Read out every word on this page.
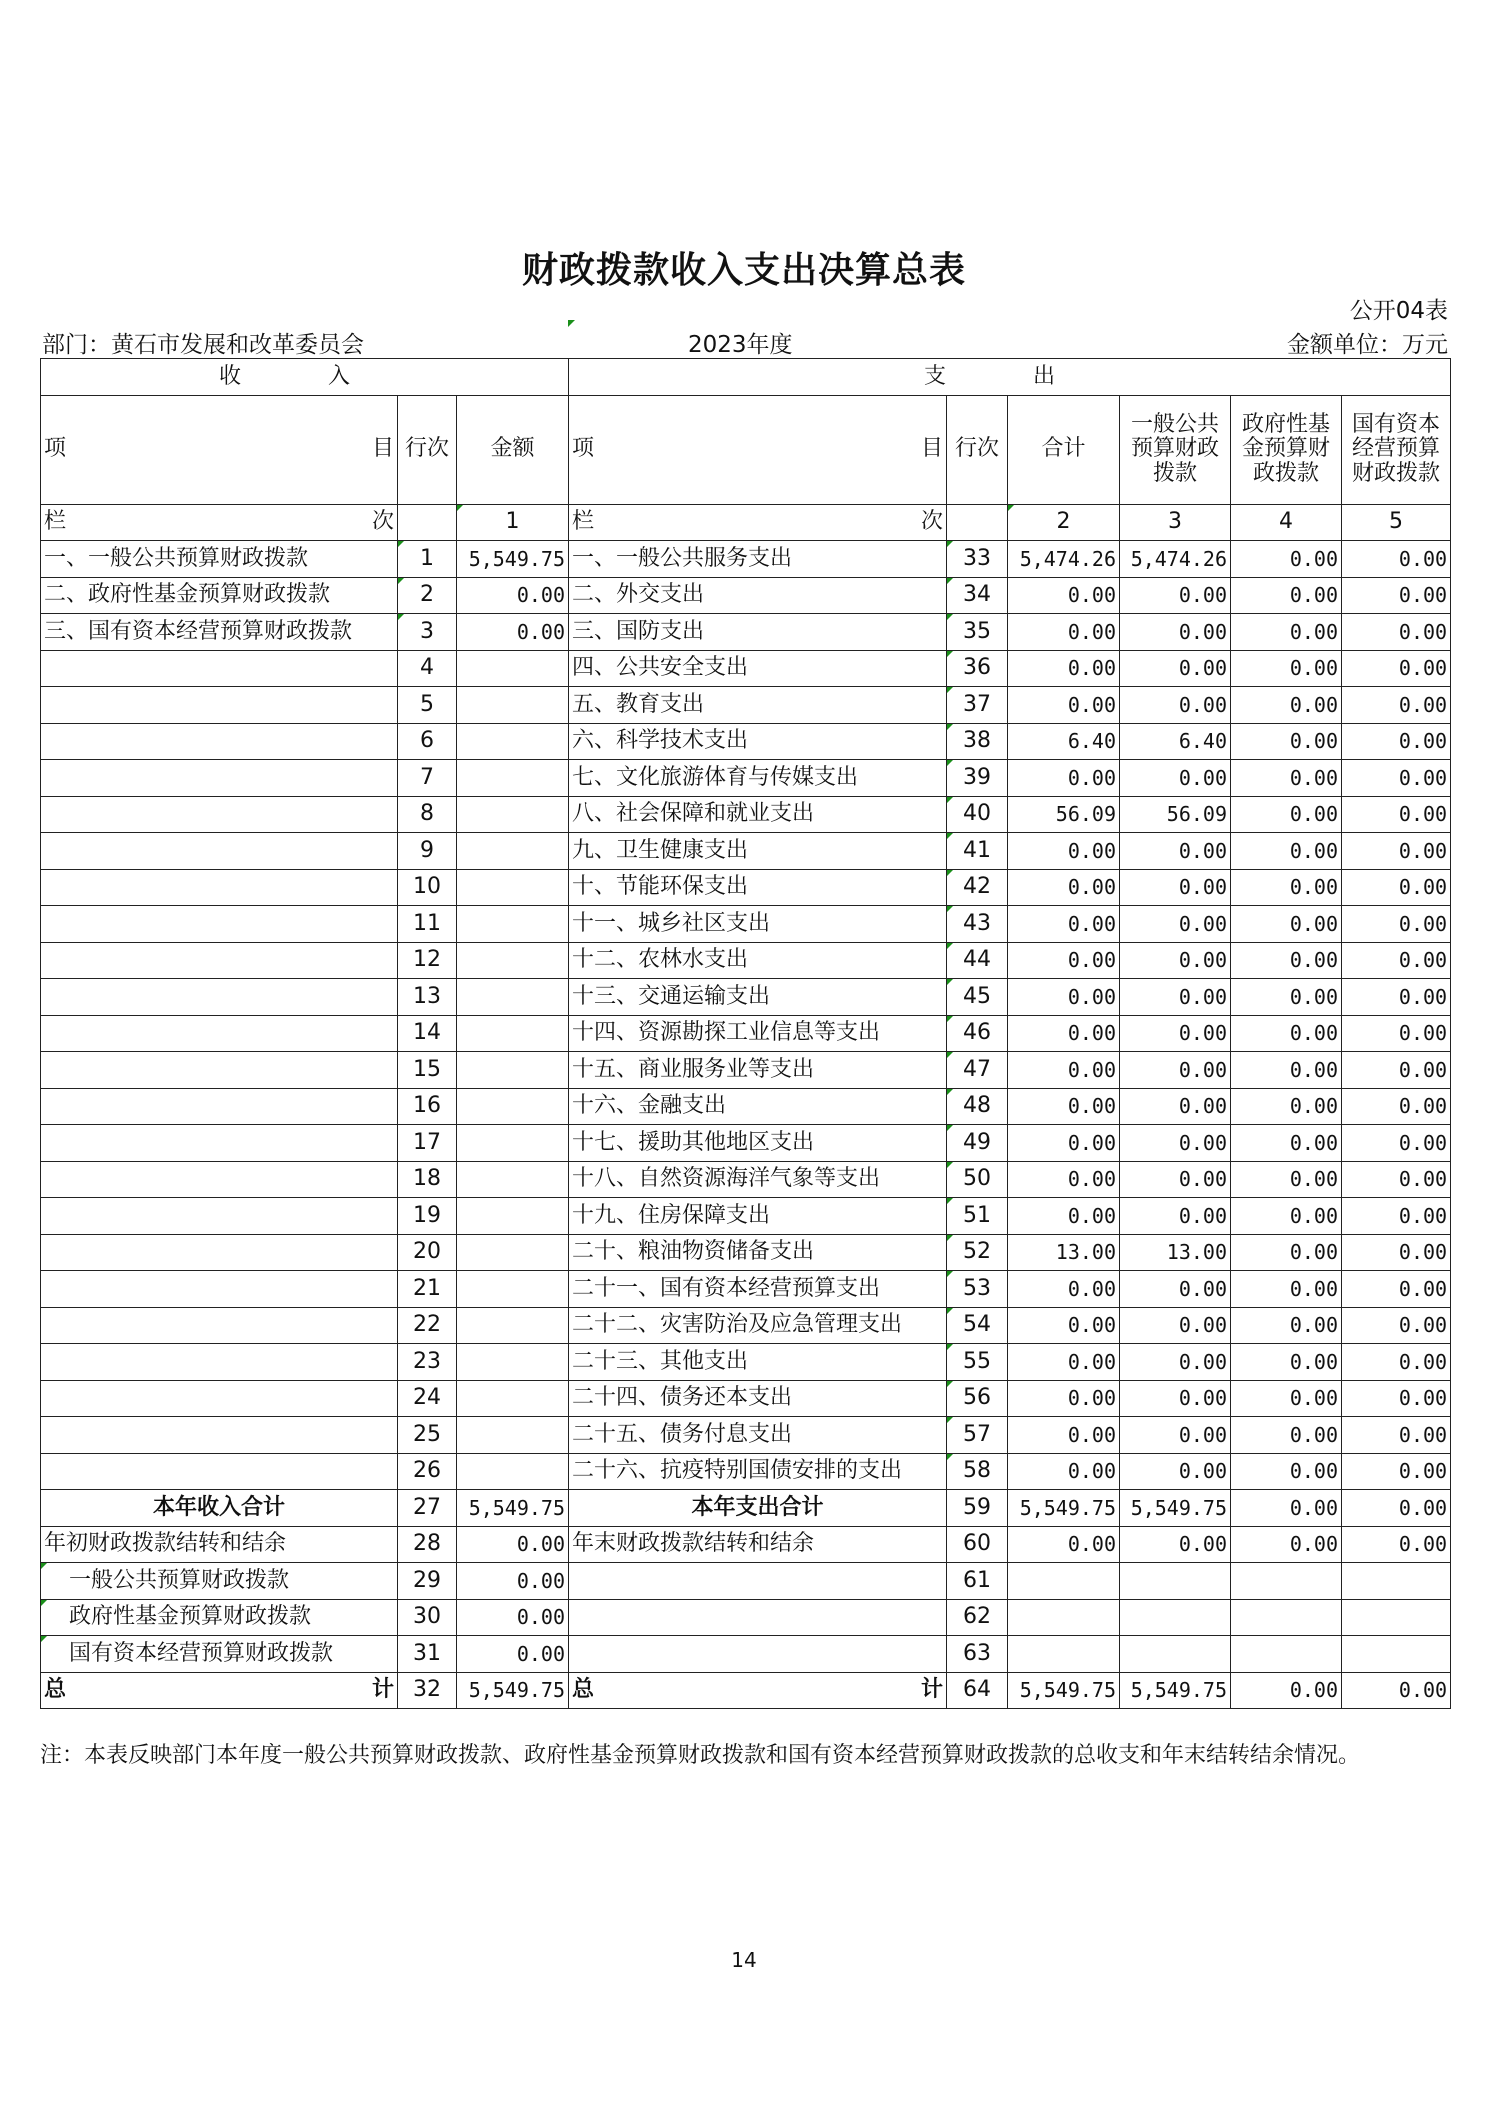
财政拨款收入支出决算总表
公开04表
部门：黄石市发展和改革委员会	2023年度	金额单位：万元
收 入			支 出					

项 目	行次	金额	项 目	行次	合计	一般公共预算财政拨款	政府性基金预算财政拨款	国有资本经营预算财政拨款

栏 次		1	栏 次		2	3	4	5
一、一般公共预算财政拨款	1	5,549.75	一、一般公共服务支出	33	5,474.26	5,474.26	0.00	0.00
二、政府性基金预算财政拨款	2	0.00	二、外交支出	34	0.00	0.00	0.00	0.00
三、国有资本经营预算财政拨款	3	0.00	三、国防支出	35	0.00	0.00	0.00	0.00
	4		四、公共安全支出	36	0.00	0.00	0.00	0.00
	5		五、教育支出	37	0.00	0.00	0.00	0.00
	6		六、科学技术支出	38	6.40	6.40	0.00	0.00
	7		七、文化旅游体育与传媒支出	39	0.00	0.00	0.00	0.00
	8		八、社会保障和就业支出	40	56.09	56.09	0.00	0.00
	9		九、卫生健康支出	41	0.00	0.00	0.00	0.00
	10		十、节能环保支出	42	0.00	0.00	0.00	0.00
	11		十一、城乡社区支出	43	0.00	0.00	0.00	0.00
	12		十二、农林水支出	44	0.00	0.00	0.00	0.00
	13		十三、交通运输支出	45	0.00	0.00	0.00	0.00
	14		十四、资源勘探工业信息等支出	46	0.00	0.00	0.00	0.00
	15		十五、商业服务业等支出	47	0.00	0.00	0.00	0.00
	16		十六、金融支出	48	0.00	0.00	0.00	0.00
	17		十七、援助其他地区支出	49	0.00	0.00	0.00	0.00
	18		十八、自然资源海洋气象等支出	50	0.00	0.00	0.00	0.00
	19		十九、住房保障支出	51	0.00	0.00	0.00	0.00
	20		二十、粮油物资储备支出	52	13.00	13.00	0.00	0.00
	21		二十一、国有资本经营预算支出	53	0.00	0.00	0.00	0.00
	22		二十二、灾害防治及应急管理支出	54	0.00	0.00	0.00	0.00
	23		二十三、其他支出	55	0.00	0.00	0.00	0.00
	24		二十四、债务还本支出	56	0.00	0.00	0.00	0.00
	25		二十五、债务付息支出	57	0.00	0.00	0.00	0.00
	26		二十六、抗疫特别国债安排的支出	58	0.00	0.00	0.00	0.00
本年收入合计	27	5,549.75	本年支出合计	59	5,549.75	5,549.75	0.00	0.00
年初财政拨款结转和结余	28	0.00	年末财政拨款结转和结余	60	0.00	0.00	0.00	0.00
一般公共预算财政拨款	29	0.00		61				
政府性基金预算财政拨款	30	0.00		62				
国有资本经营预算财政拨款	31	0.00		63				

总 计	32	5,549.75	总 计	64	5,549.75	5,549.75	0.00	0.00
注：本表反映部门本年度一般公共预算财政拨款、政府性基金预算财政拨款和国有资本经营预算财政拨款的总收支和年末结转结余情况。
14
